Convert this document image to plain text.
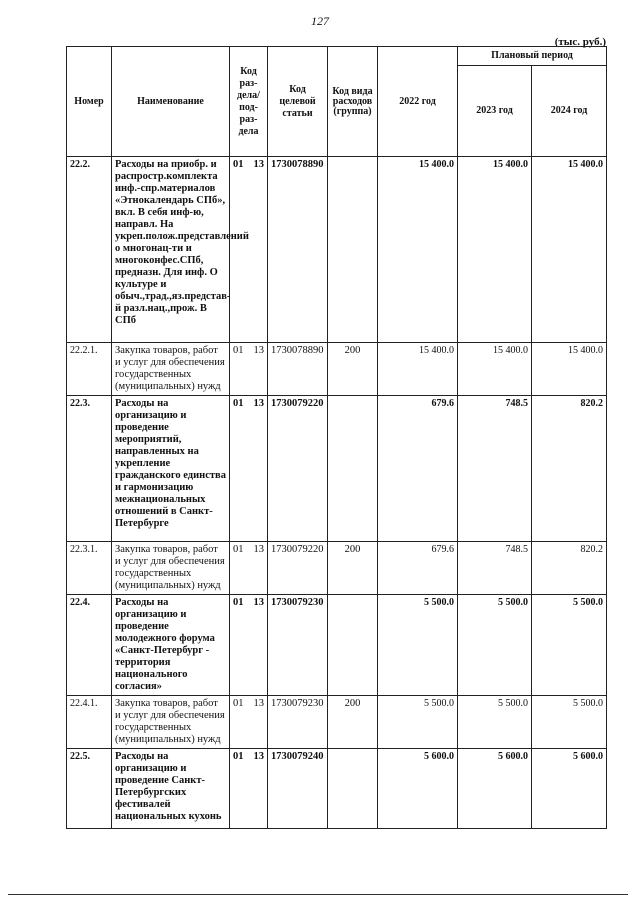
127
(тыс. руб.)
Номер	Наименование	Код раз-дела/ под-раз-дела	Код целевой статьи	Код вида расходов (группа)	2022 год	Плановый период	
						2023 год	2024 год
22.2.	Расходы на приобр. и распростр.комплекта инф.-спр.материалов «Этнокалендарь СПб», вкл. В себя инф-ю, направл. На укреп.полож.представлений о многонац-ти и многоконфес.СПб, предназн. Для инф. О культуре и обыч.,трад.,яз.представ-й разл.нац.,прож. В СПб	01 13	1730078890		15 400.0	15 400.0	15 400.0
22.2.1.	Закупка товаров, работ и услуг для обеспечения государственных (муниципальных) нужд	01 13	1730078890	200	15 400.0	15 400.0	15 400.0
22.3.	Расходы на организацию и проведение мероприятий, направленных на укрепление гражданского единства и гармонизацию межнациональных отношений в Санкт-Петербурге	01 13	1730079220		679.6	748.5	820.2
22.3.1.	Закупка товаров, работ и услуг для обеспечения государственных (муниципальных) нужд	01 13	1730079220	200	679.6	748.5	820.2
22.4.	Расходы на организацию и проведение молодежного форума «Санкт-Петербург - территория национального согласия»	01 13	1730079230		5 500.0	5 500.0	5 500.0
22.4.1.	Закупка товаров, работ и услуг для обеспечения государственных (муниципальных) нужд	01 13	1730079230	200	5 500.0	5 500.0	5 500.0
22.5.	Расходы на организацию и проведение Санкт-Петербургских фестивалей национальных кухонь	01 13	1730079240		5 600.0	5 600.0	5 600.0
